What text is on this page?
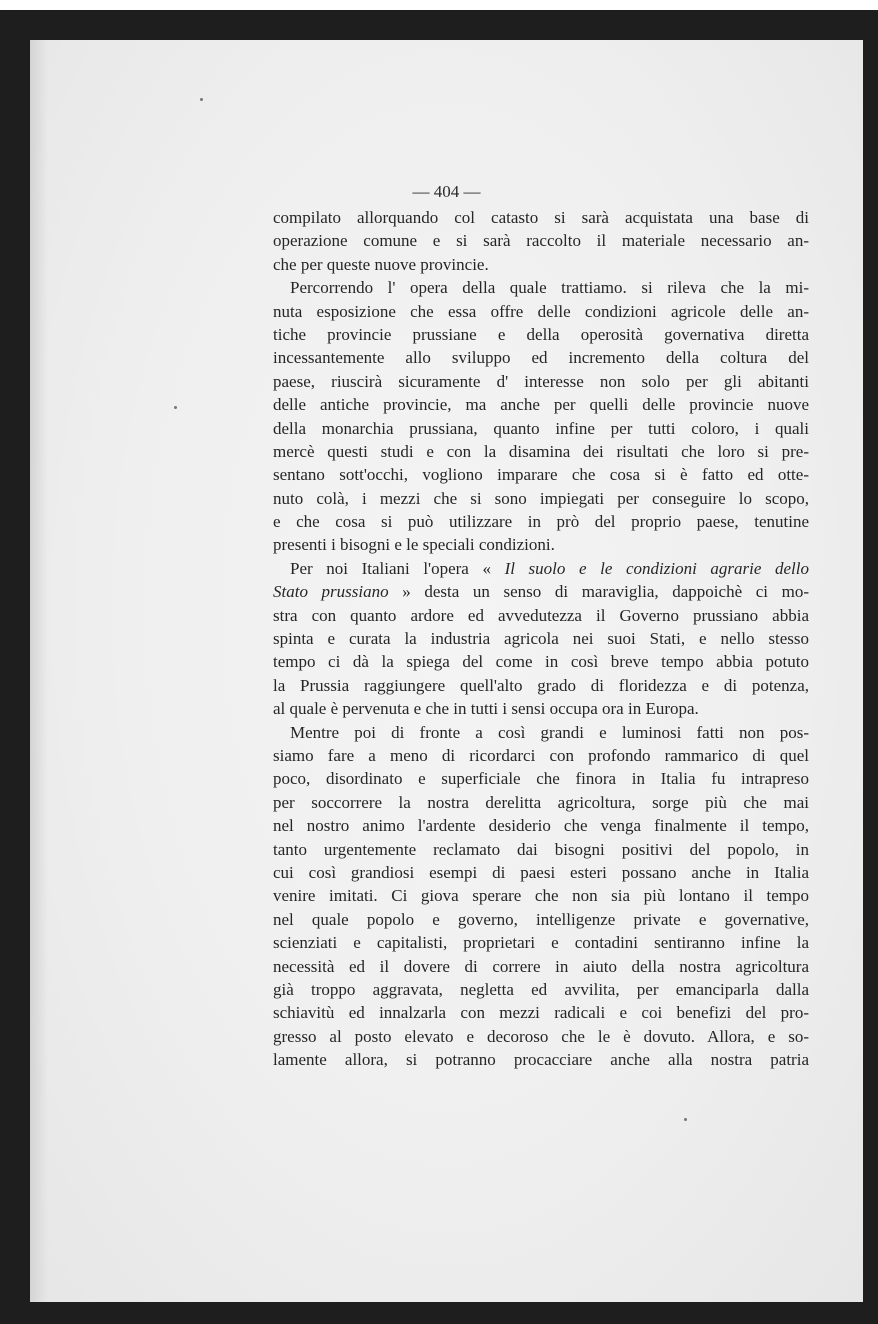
— 404 —
compilato allorquando col catasto si sarà acquistata una base di
operazione comune e si sarà raccolto il materiale necessario an-
che per queste nuove provincie.
Percorrendo l' opera della quale trattiamo. si rileva che la mi-
nuta esposizione che essa offre delle condizioni agricole delle an-
tiche provincie prussiane e della operosità governativa diretta
incessantemente allo sviluppo ed incremento della coltura del
paese, riuscirà sicuramente d' interesse non solo per gli abitanti
delle antiche provincie, ma anche per quelli delle provincie nuove
della monarchia prussiana, quanto infine per tutti coloro, i quali
mercè questi studi e con la disamina dei risultati che loro si pre-
sentano sott'occhi, vogliono imparare che cosa si è fatto ed otte-
nuto colà, i mezzi che si sono impiegati per conseguire lo scopo,
e che cosa si può utilizzare in prò del proprio paese, tenutine
presenti i bisogni e le speciali condizioni.
Per noi Italiani l'opera « Il suolo e le condizioni agrarie dello
Stato prussiano » desta un senso di maraviglia, dappoichè ci mo-
stra con quanto ardore ed avvedutezza il Governo prussiano abbia
spinta e curata la industria agricola nei suoi Stati, e nello stesso
tempo ci dà la spiega del come in così breve tempo abbia potuto
la Prussia raggiungere quell'alto grado di floridezza e di potenza,
al quale è pervenuta e che in tutti i sensi occupa ora in Europa.
Mentre poi di fronte a così grandi e luminosi fatti non pos-
siamo fare a meno di ricordarci con profondo rammarico di quel
poco, disordinato e superficiale che finora in Italia fu intrapreso
per soccorrere la nostra derelitta agricoltura, sorge più che mai
nel nostro animo l'ardente desiderio che venga finalmente il tempo,
tanto urgentemente reclamato dai bisogni positivi del popolo, in
cui così grandiosi esempi di paesi esteri possano anche in Italia
venire imitati. Ci giova sperare che non sia più lontano il tempo
nel quale popolo e governo, intelligenze private e governative,
scienziati e capitalisti, proprietari e contadini sentiranno infine la
necessità ed il dovere di correre in aiuto della nostra agricoltura
già troppo aggravata, negletta ed avvilita, per emanciparla dalla
schiavitù ed innalzarla con mezzi radicali e coi benefizi del pro-
gresso al posto elevato e decoroso che le è dovuto. Allora, e so-
lamente allora, si potranno procacciare anche alla nostra patria
